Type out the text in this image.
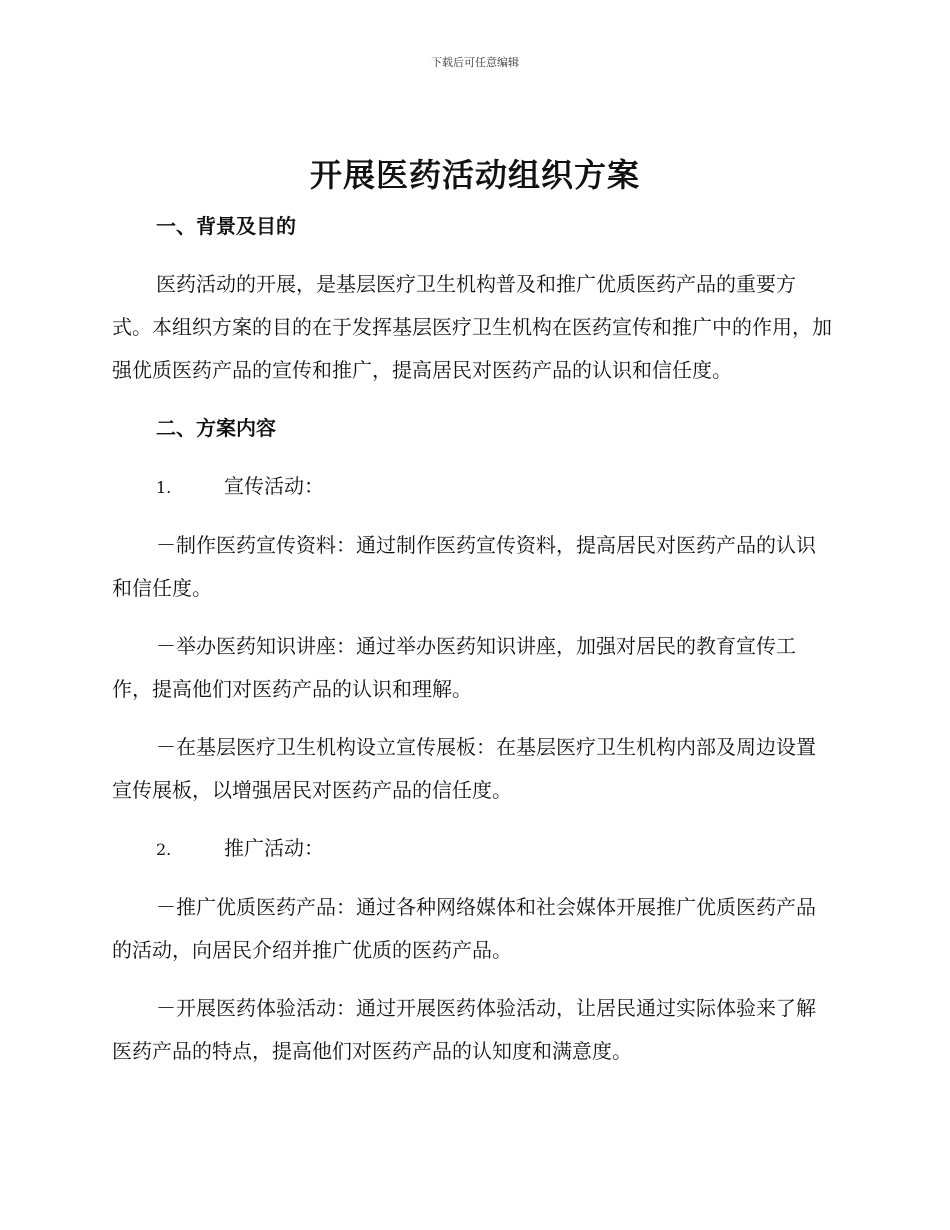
下载后可任意编辑
开展医药活动组织方案
一、背景及目的

医药活动的开展，是基层医疗卫生机构普及和推广优质医药产品的重要方式。本组织方案的目的在于发挥基层医疗卫生机构在医药宣传和推广中的作用，加强优质医药产品的宣传和推广，提高居民对医药产品的认识和信任度。

二、方案内容
1.	宣传活动：

－制作医药宣传资料：通过制作医药宣传资料，提高居民对医药产品的认识和信任度。

－举办医药知识讲座：通过举办医药知识讲座，加强对居民的教育宣传工作，提高他们对医药产品的认识和理解。

－在基层医疗卫生机构设立宣传展板：在基层医疗卫生机构内部及周边设置宣传展板，以增强居民对医药产品的信任度。

2.	推广活动：

－推广优质医药产品：通过各种网络媒体和社会媒体开展推广优质医药产品的活动，向居民介绍并推广优质的医药产品。

－开展医药体验活动：通过开展医药体验活动，让居民通过实际体验来了解医药产品的特点，提高他们对医药产品的认知度和满意度。
